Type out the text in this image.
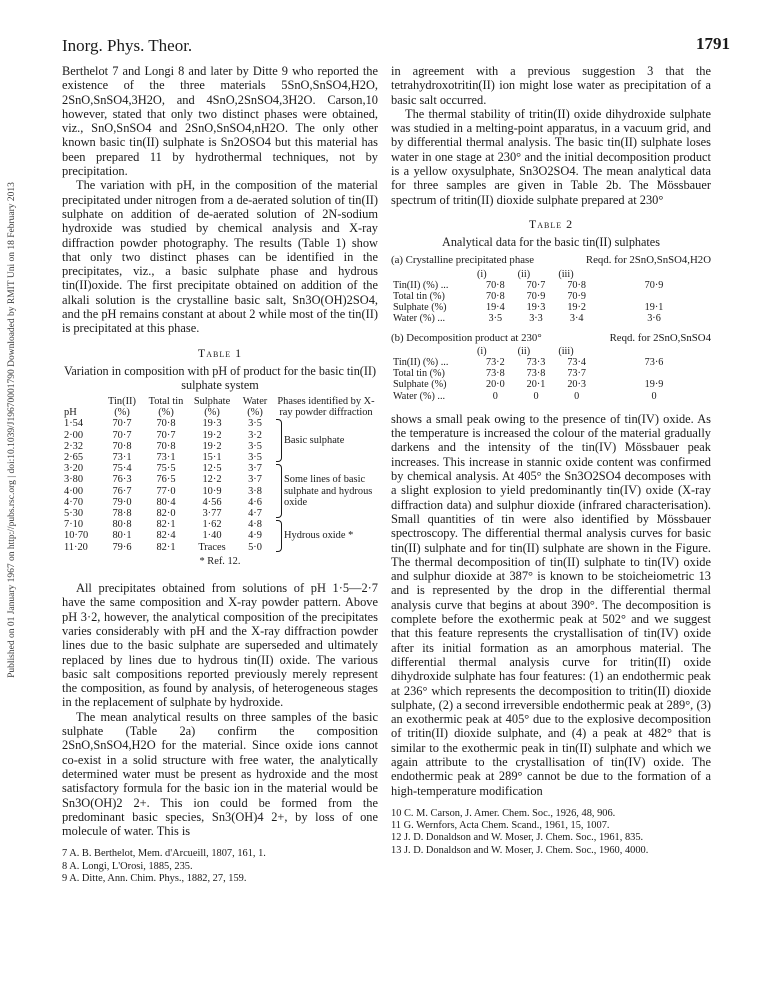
Inorg. Phys. Theor.	1791
Published on 01 January 1967 on http://pubs.rsc.org | doi:10.1039/J19670001790 Downloaded by RMIT Uni on 18 February 2013

Berthelot 7 and Longi 8 and later by Ditte 9 who reported the existence of the three materials 5SnO,SnSO4,H2O, 2SnO,SnSO4,3H2O, and 4SnO,2SnSO4,3H2O. Carson,10 however, stated that only two distinct phases were obtained, viz., SnO,SnSO4 and 2SnO,SnSO4,nH2O. The only other known basic tin(II) sulphate is Sn2OSO4 but this material has been prepared 11 by hydrothermal techniques, not by precipitation.

The variation with pH, in the composition of the material precipitated under nitrogen from a de-aerated solution of tin(II) sulphate on addition of de-aerated solution of 2N-sodium hydroxide was studied by chemical analysis and X-ray diffraction powder photography. The results (Table 1) show that only two distinct phases can be identified in the precipitates, viz., a basic sulphate phase and hydrous tin(II)oxide. The first precipitate obtained on addition of the alkali solution is the crystalline basic salt, Sn3O(OH)2SO4, and the pH remains constant at about 2 while most of the tin(II) is precipitated at this phase.

Table 1
Variation in composition with pH of product for the basic tin(II) sulphate system
pH	Tin(II) (%)	Total tin (%)	Sulphate (%)	Water (%)	Phases identified by X-ray powder diffraction
1·54	70·7	70·8	19·3	3·5	Basic sulphate
2·00	70·7	70·7	19·2	3·2	
2·32	70·8	70·8	19·2	3·5	
2·65	73·1	73·1	15·1	3·5	
3·20	75·4	75·5	12·5	3·7	Some lines of basic sulphate and hydrous oxide
3·80	76·3	76·5	12·2	3·7	
4·00	76·7	77·0	10·9	3·8	
4·70	79·0	80·4	4·56	4·6	
5·30	78·8	82·0	3·77	4·7	
7·10	80·8	82·1	1·62	4·8	Hydrous oxide *
10·70	80·1	82·4	1·40	4·9	
11·20	79·6	82·1	Traces	5·0	
* Ref. 12.

All precipitates obtained from solutions of pH 1·5—2·7 have the same composition and X-ray powder pattern. Above pH 3·2, however, the analytical composition of the precipitates varies considerably with pH and the X-ray diffraction powder lines due to the basic sulphate are superseded and ultimately replaced by lines due to hydrous tin(II) oxide. The various basic salt compositions reported previously merely represent the composition, as found by analysis, of heterogeneous stages in the replacement of sulphate by hydroxide.

The mean analytical results on three samples of the basic sulphate (Table 2a) confirm the composition 2SnO,SnSO4,H2O for the material. Since oxide ions cannot co-exist in a solid structure with free water, the analytically determined water must be present as hydroxide and the most satisfactory formula for the basic ion in the material would be Sn3O(OH)2 2+. This ion could be formed from the predominant basic species, Sn3(OH)4 2+, by loss of one molecule of water. This is

7 A. B. Berthelot, Mem. d'Arcueill, 1807, 161, 1.
8 A. Longi, L'Orosi, 1885, 235.
9 A. Ditte, Ann. Chim. Phys., 1882, 27, 159.

in agreement with a previous suggestion 3 that the tetrahydroxotritin(II) ion might lose water as precipitation of a basic salt occurred.

The thermal stability of tritin(II) oxide dihydroxide sulphate was studied in a melting-point apparatus, in a vacuum grid, and by differential thermal analysis. The basic tin(II) sulphate loses water in one stage at 230° and the initial decomposition product is a yellow oxysulphate, Sn3O2SO4. The mean analytical data for three samples are given in Table 2b. The Mössbauer spectrum of tritin(II) dioxide sulphate prepared at 230°

Table 2
Analytical data for the basic tin(II) sulphates
(a) Crystalline precipitated phase	Reqd. for 2SnO,SnSO4,H2O
	(i)	(ii)	(iii)	
Tin(II) (%) ...	70·8	70·7	70·8	70·9
Total tin (%)	70·8	70·9	70·9	
Sulphate (%)	19·4	19·3	19·2	19·1
Water (%) ...	3·5	3·3	3·4	3·6
(b) Decomposition product at 230°	Reqd. for 2SnO,SnSO4
	(i)	(ii)	(iii)	
Tin(II) (%) ...	73·2	73·3	73·4	73·6
Total tin (%)	73·8	73·8	73·7	
Sulphate (%)	20·0	20·1	20·3	19·9
Water (%) ...	0	0	0	0

shows a small peak owing to the presence of tin(IV) oxide. As the temperature is increased the colour of the material gradually darkens and the intensity of the tin(IV) Mössbauer peak increases. This increase in stannic oxide content was confirmed by chemical analysis. At 405° the Sn3O2SO4 decomposes with a slight explosion to yield predominantly tin(IV) oxide (X-ray diffraction data) and sulphur dioxide (infrared characterisation). Small quantities of tin were also identified by Mössbauer spectroscopy. The differential thermal analysis curves for basic tin(II) sulphate and for tin(II) sulphate are shown in the Figure. The thermal decomposition of tin(II) sulphate to tin(IV) oxide and sulphur dioxide at 387° is known to be stoicheiometric 13 and is represented by the drop in the differential thermal analysis curve that begins at about 390°. The decomposition is complete before the exothermic peak at 502° and we suggest that this feature represents the crystallisation of tin(IV) oxide after its initial formation as an amorphous material. The differential thermal analysis curve for tritin(II) oxide dihydroxide sulphate has four features: (1) an endothermic peak at 236° which represents the decomposition to tritin(II) dioxide sulphate, (2) a second irreversible endothermic peak at 289°, (3) an exothermic peak at 405° due to the explosive decomposition of tritin(II) dioxide sulphate, and (4) a peak at 482° that is similar to the exothermic peak in tin(II) sulphate and which we again attribute to the crystallisation of tin(IV) oxide. The endothermic peak at 289° cannot be due to the formation of a high-temperature modification

10 C. M. Carson, J. Amer. Chem. Soc., 1926, 48, 906.
11 G. Wernfors, Acta Chem. Scand., 1961, 15, 1007.
12 J. D. Donaldson and W. Moser, J. Chem. Soc., 1961, 835.
13 J. D. Donaldson and W. Moser, J. Chem. Soc., 1960, 4000.
